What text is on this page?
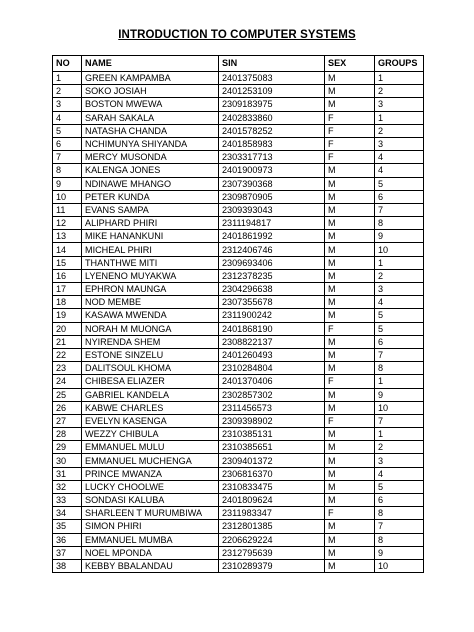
INTRODUCTION TO COMPUTER SYSTEMS
NO	NAME	SIN	SEX	GROUPS
1	GREEN KAMPAMBA	2401375083	M	1
2	SOKO JOSIAH	2401253109	M	2
3	BOSTON MWEWA	2309183975	M	3
4	SARAH SAKALA	2402833860	F	1
5	NATASHA CHANDA	2401578252	F	2
6	NCHIMUNYA SHIYANDA	2401858983	F	3
7	MERCY MUSONDA	2303317713	F	4
8	KALENGA JONES	2401900973	M	4
9	NDINAWE MHANGO	2307390368	M	5
10	PETER KUNDA	2309870905	M	6
11	EVANS SAMPA	2309393043	M	7
12	ALIPHARD PHIRI	2311194817	M	8
13	MIKE HANANKUNI	2401861992	M	9
14	MICHEAL PHIRI	2312406746	M	10
15	THANTHWE MITI	2309693406	M	1
16	LYENENO MUYAKWA	2312378235	M	2
17	EPHRON MAUNGA	2304296638	M	3
18	NOD MEMBE	2307355678	M	4
19	KASAWA MWENDA	2311900242	M	5
20	NORAH M MUONGA	2401868190	F	5
21	NYIRENDA SHEM	2308822137	M	6
22	ESTONE SINZELU	2401260493	M	7
23	DALITSOUL KHOMA	2310284804	M	8
24	CHIBESA ELIAZER	2401370406	F	1
25	GABRIEL KANDELA	2302857302	M	9
26	KABWE CHARLES	2311456573	M	10
27	EVELYN KASENGA	2309398902	F	7
28	WEZZY CHIBULA	2310385131	M	1
29	EMMANUEL MULU	2310385651	M	2
30	EMMANUEL MUCHENGA	2309401372	M	3
31	PRINCE MWANZA	2306816370	M	4
32	LUCKY CHOOLWE	2310833475	M	5
33	SONDASI KALUBA	2401809624	M	6
34	SHARLEEN T MURUMBIWA	2311983347	F	8
35	SIMON PHIRI	2312801385	M	7
36	EMMANUEL MUMBA	2206629224	M	8
37	NOEL MPONDA	2312795639	M	9
38	KEBBY BBALANDAU	2310289379	M	10
